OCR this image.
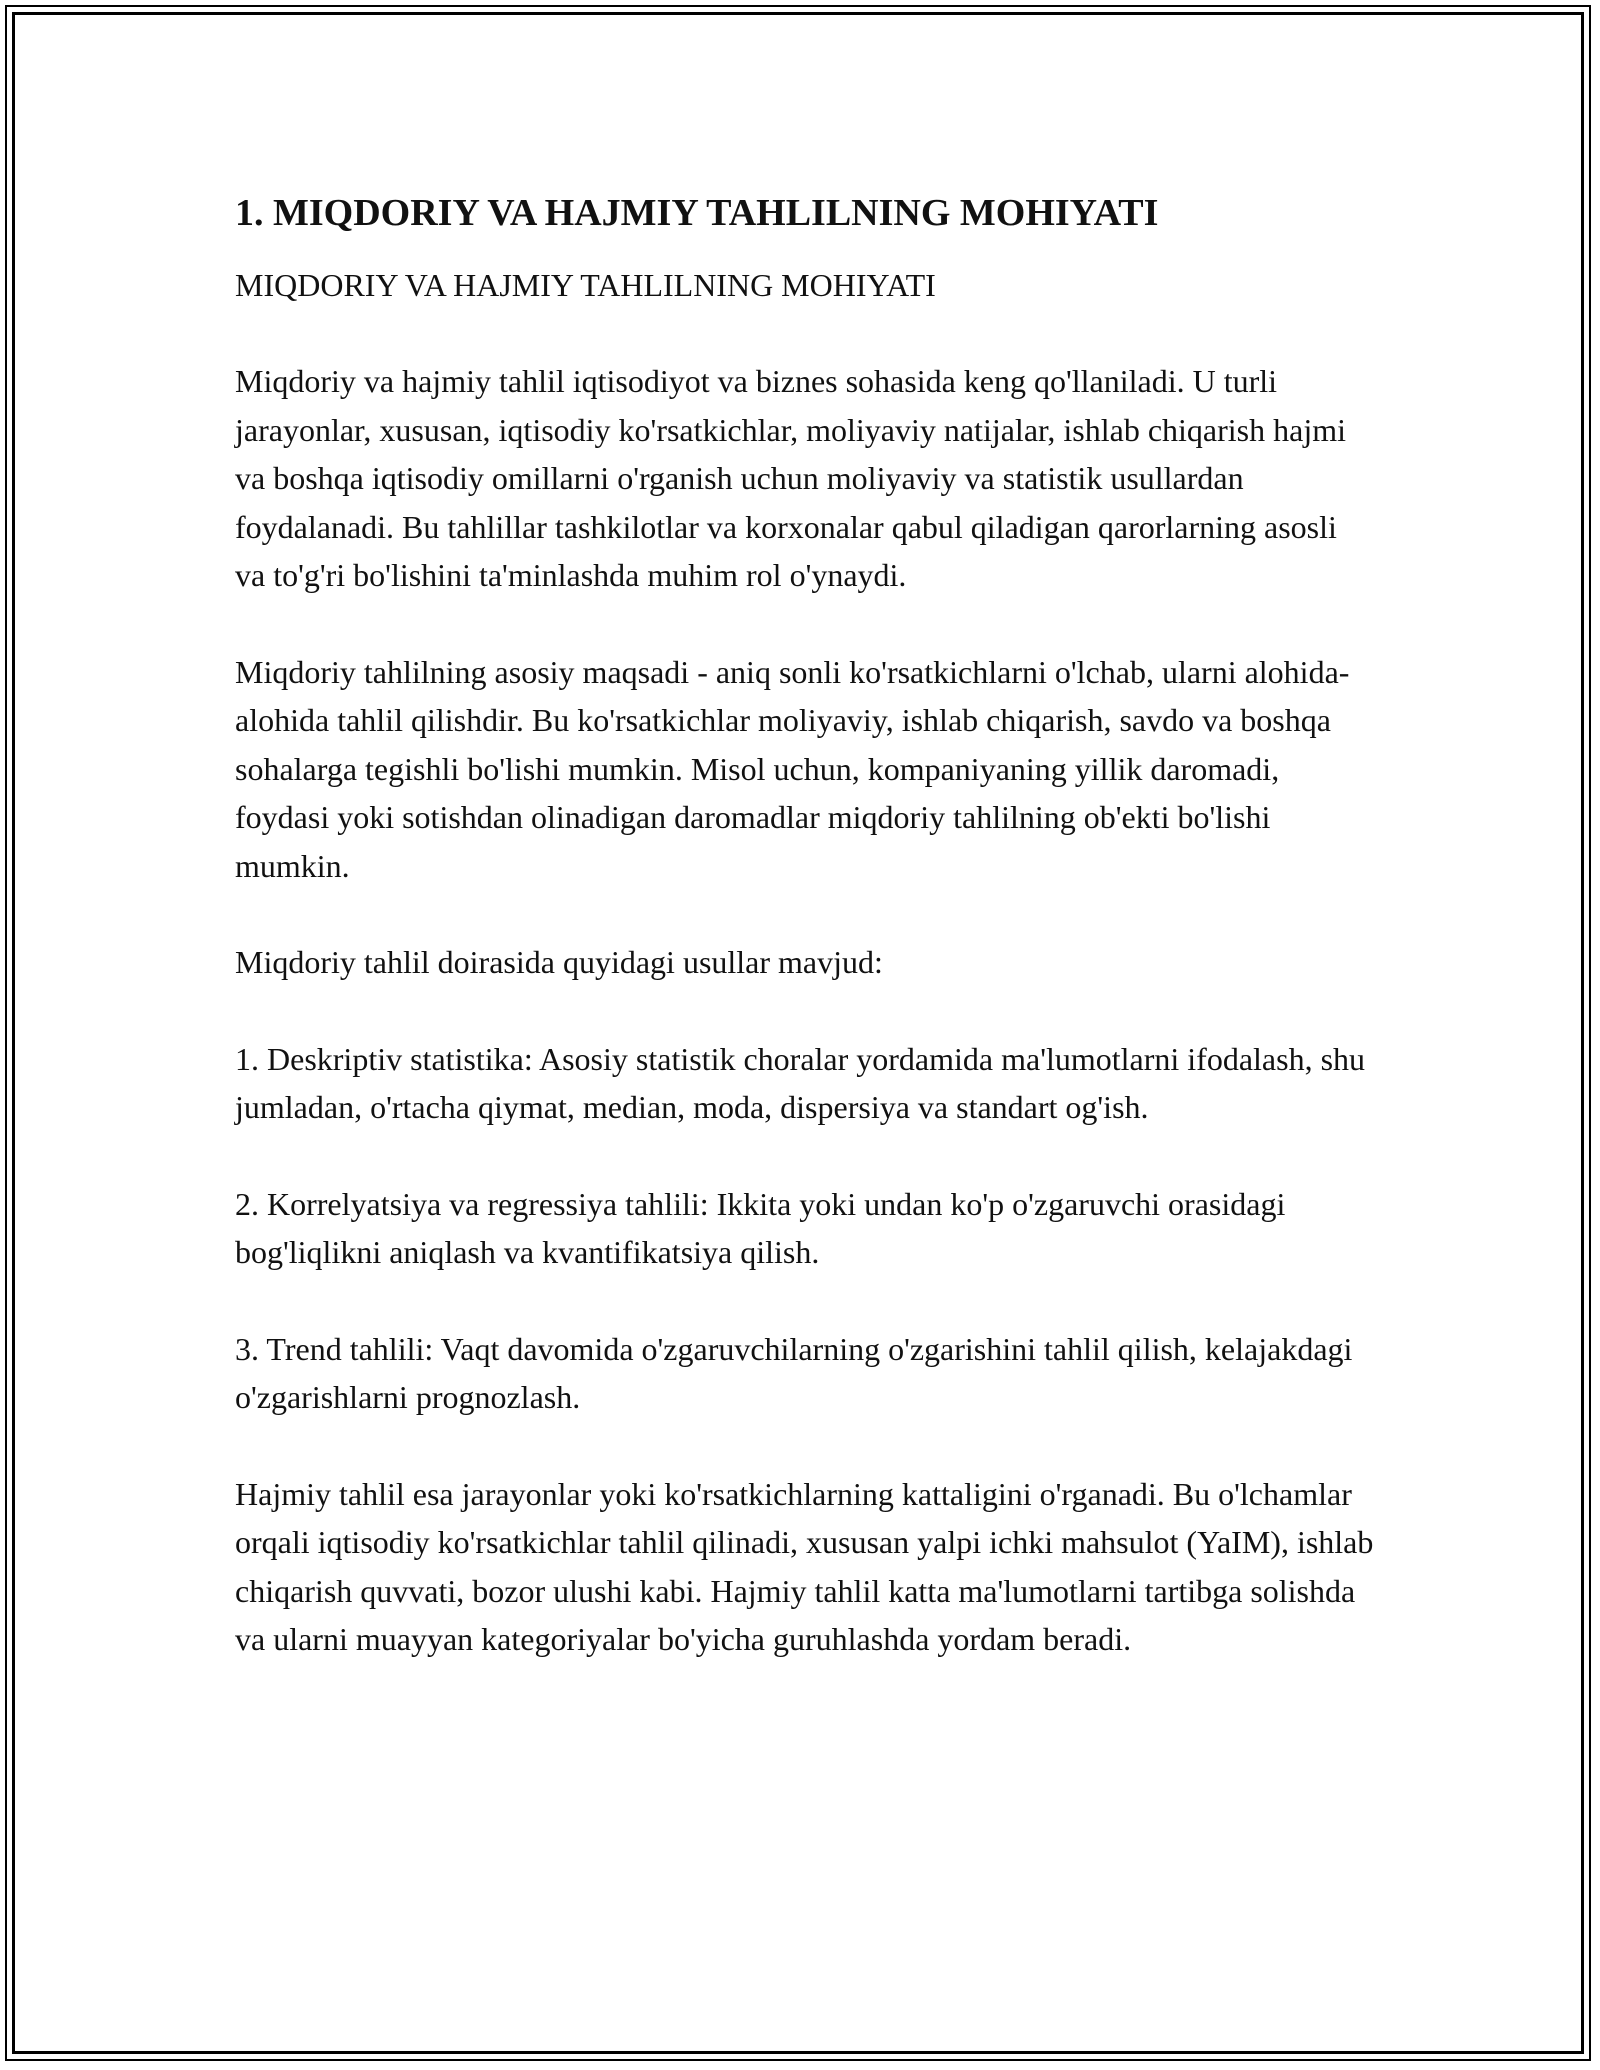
1. MIQDORIY VA HAJMIY TAHLILNING MOHIYATI

MIQDORIY VA HAJMIY TAHLILNING MOHIYATI

Miqdoriy va hajmiy tahlil iqtisodiyot va biznes sohasida keng qo'llaniladi. U turli jarayonlar, xususan, iqtisodiy ko'rsatkichlar, moliyaviy natijalar, ishlab chiqarish hajmi va boshqa iqtisodiy omillarni o'rganish uchun moliyaviy va statistik usullardan foydalanadi. Bu tahlillar tashkilotlar va korxonalar qabul qiladigan qarorlarning asosli va to'g'ri bo'lishini ta'minlashda muhim rol o'ynaydi.

Miqdoriy tahlilning asosiy maqsadi - aniq sonli ko'rsatkichlarni o'lchab, ularni alohida-alohida tahlil qilishdir. Bu ko'rsatkichlar moliyaviy, ishlab chiqarish, savdo va boshqa sohalarga tegishli bo'lishi mumkin. Misol uchun, kompaniyaning yillik daromadi, foydasi yoki sotishdan olinadigan daromadlar miqdoriy tahlilning ob'ekti bo'lishi mumkin.

Miqdoriy tahlil doirasida quyidagi usullar mavjud:

1. Deskriptiv statistika: Asosiy statistik choralar yordamida ma'lumotlarni ifodalash, shu jumladan, o'rtacha qiymat, median, moda, dispersiya va standart og'ish.

2. Korrelyatsiya va regressiya tahlili: Ikkita yoki undan ko'p o'zgaruvchi orasidagi bog'liqlikni aniqlash va kvantifikatsiya qilish.

3. Trend tahlili: Vaqt davomida o'zgaruvchilarning o'zgarishini tahlil qilish, kelajakdagi o'zgarishlarni prognozlash.

Hajmiy tahlil esa jarayonlar yoki ko'rsatkichlarning kattaligini o'rganadi. Bu o'lchamlar orqali iqtisodiy ko'rsatkichlar tahlil qilinadi, xususan yalpi ichki mahsulot (YaIM), ishlab chiqarish quvvati, bozor ulushi kabi. Hajmiy tahlil katta ma'lumotlarni tartibga solishda va ularni muayyan kategoriyalar bo'yicha guruhlashda yordam beradi.
